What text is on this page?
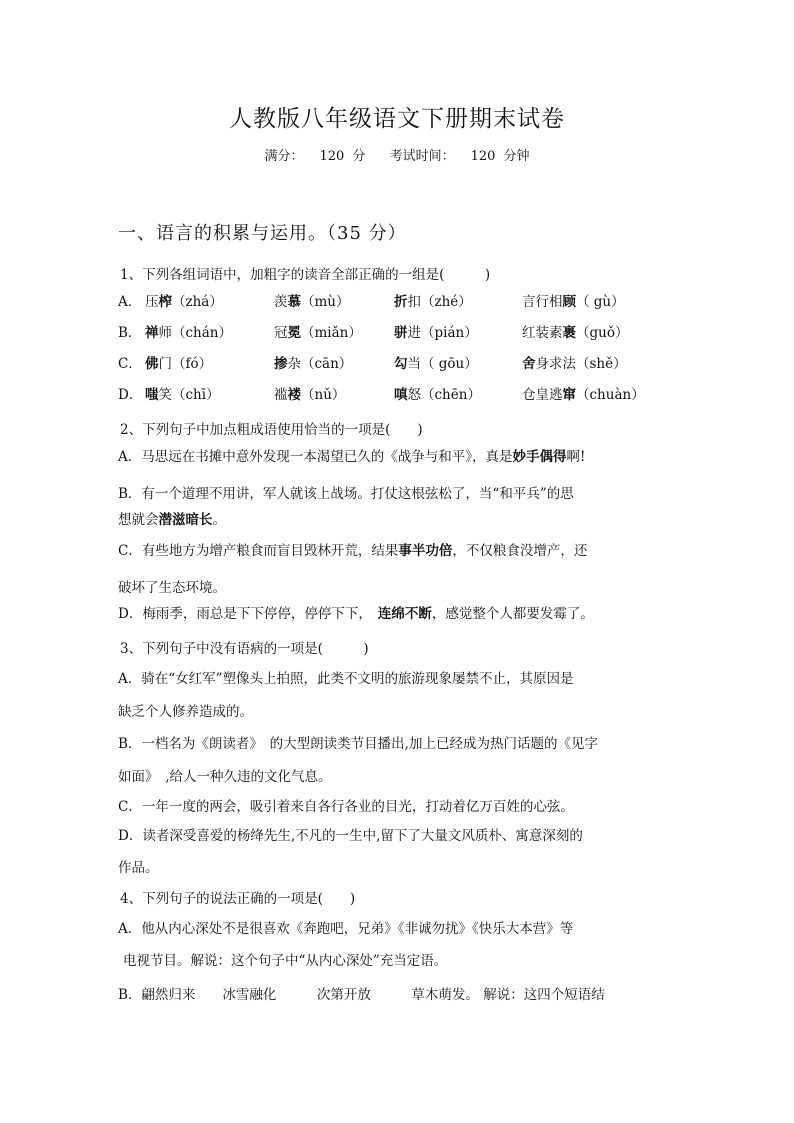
人教版八年级语文下册期末试卷
满分： 120 分 考试时间： 120 分钟
一、语言的积累与运用。（35 分）
1、下列各组词语中，加粗字的读音全部正确的一组是(　　　)
A． 压榨（zhá）	羡慕（mù）	折扣（zhé）	言行相顾（ gù）
B． 禅师（chán）	冠冕（miǎn） 骈进（pián）	红装素裹（guǒ）
C． 佛门（fó）	掺杂（cān）	勾当（ gōu）	舍身求法（shě）
D． 嗤笑（chī）	褴褛（nǔ）	嗔怒（chēn）	仓皇逃窜（chuàn）
2、下列句子中加点粗成语使用恰当的一项是(　　)
A．马思远在书摊中意外发现一本渴望已久的《战争与和平》，真是妙手偶得啊!
B．有一个道理不用讲，军人就该上战场。打仗这根弦松了，当“和平兵”的思
想就会潜滋暗长。
C．有些地方为增产粮食而盲目毁林开荒，结果事半功倍，不仅粮食没增产，还
破坏了生态环境。
D．梅雨季，雨总是下下停停，停停下下， 连绵不断，感觉整个人都要发霉了。
3、下列句子中没有语病的一项是(　　　)
A．骑在“女红军”塑像头上拍照，此类不文明的旅游现象屡禁不止，其原因是
缺乏个人修养造成的。
B．一档名为《朗读者》　的大型朗读类节目播出,加上已经成为热门话题的《见字
如面》　,给人一种久违的文化气息。
C．一年一度的两会，吸引着来自各行各业的目光，打动着亿万百姓的心弦。
D．读者深受喜爱的杨绛先生,不凡的一生中,留下了大量文风质朴、寓意深刻的
作品。
4、下列句子的说法正确的一项是(　　)
A．他从内心深处不是很喜欢《奔跑吧，兄弟》《非诚勿扰》《快乐大本营》等
电视节目。解说：这个句子中“从内心深处”充当定语。
B．翩然归来　　冰雪融化　　　次第开放　　　草木萌发。 解说：这四个短语结
